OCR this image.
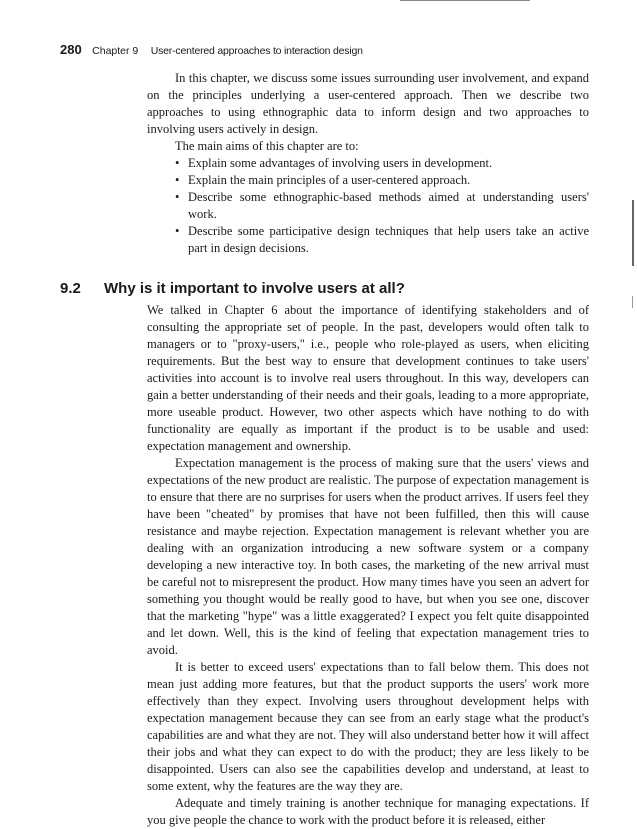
280 Chapter 9 User-centered approaches to interaction design

In this chapter, we discuss some issues surrounding user involvement, and expand on the principles underlying a user-centered approach. Then we describe two approaches to using ethnographic data to inform design and two approaches to involving users actively in design.

The main aims of this chapter are to:

• Explain some advantages of involving users in development.
• Explain the main principles of a user-centered approach.
• Describe some ethnographic-based methods aimed at understanding users' work.
• Describe some participative design techniques that help users take an active part in design decisions.
9.2 Why is it important to involve users at all?

We talked in Chapter 6 about the importance of identifying stakeholders and of consulting the appropriate set of people. In the past, developers would often talk to managers or to "proxy-users," i.e., people who role-played as users, when eliciting requirements. But the best way to ensure that development continues to take users' activities into account is to involve real users throughout. In this way, developers can gain a better understanding of their needs and their goals, leading to a more appropriate, more useable product. However, two other aspects which have nothing to do with functionality are equally as important if the product is to be usable and used: expectation management and ownership.

Expectation management is the process of making sure that the users' views and expectations of the new product are realistic. The purpose of expectation management is to ensure that there are no surprises for users when the product arrives. If users feel they have been "cheated" by promises that have not been fulfilled, then this will cause resistance and maybe rejection. Expectation management is relevant whether you are dealing with an organization introducing a new software system or a company developing a new interactive toy. In both cases, the marketing of the new arrival must be careful not to misrepresent the product. How many times have you seen an advert for something you thought would be really good to have, but when you see one, discover that the marketing "hype" was a little exaggerated? I expect you felt quite disappointed and let down. Well, this is the kind of feeling that expectation management tries to avoid.

It is better to exceed users' expectations than to fall below them. This does not mean just adding more features, but that the product supports the users' work more effectively than they expect. Involving users throughout development helps with expectation management because they can see from an early stage what the product's capabilities are and what they are not. They will also understand better how it will affect their jobs and what they can expect to do with the product; they are less likely to be disappointed. Users can also see the capabilities develop and understand, at least to some extent, why the features are the way they are.

Adequate and timely training is another technique for managing expectations. If you give people the chance to work with the product before it is released, either
